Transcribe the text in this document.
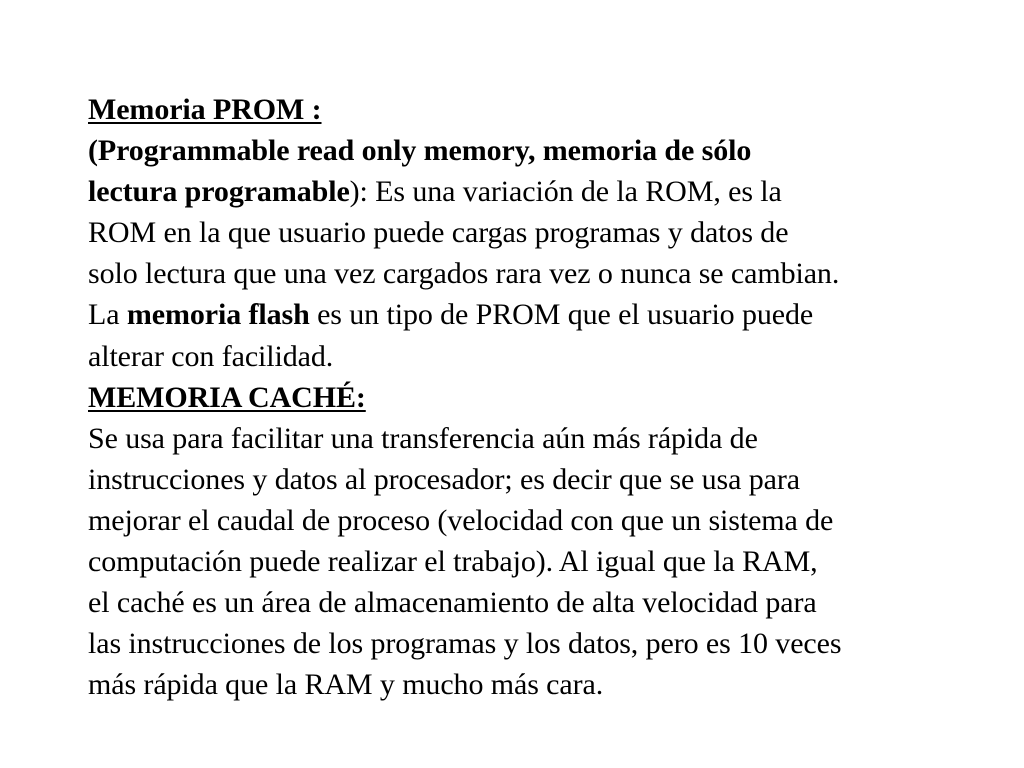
Memoria PROM :
(Programmable read only memory, memoria de sólo
lectura programable): Es una variación de la ROM, es la
ROM en la que usuario puede cargas programas y datos de
solo lectura que una vez cargados rara vez o nunca se cambian.
La memoria flash es un tipo de PROM que el usuario puede
alterar con facilidad.
MEMORIA CACHÉ:
Se usa para facilitar una transferencia aún más rápida de
instrucciones y datos al procesador; es decir que se usa para
mejorar el caudal de proceso (velocidad con que un sistema de
computación puede realizar el trabajo). Al igual que la RAM,
el caché es un área de almacenamiento de alta velocidad para
las instrucciones de los programas y los datos, pero es 10 veces
más rápida que la RAM y mucho más cara.
